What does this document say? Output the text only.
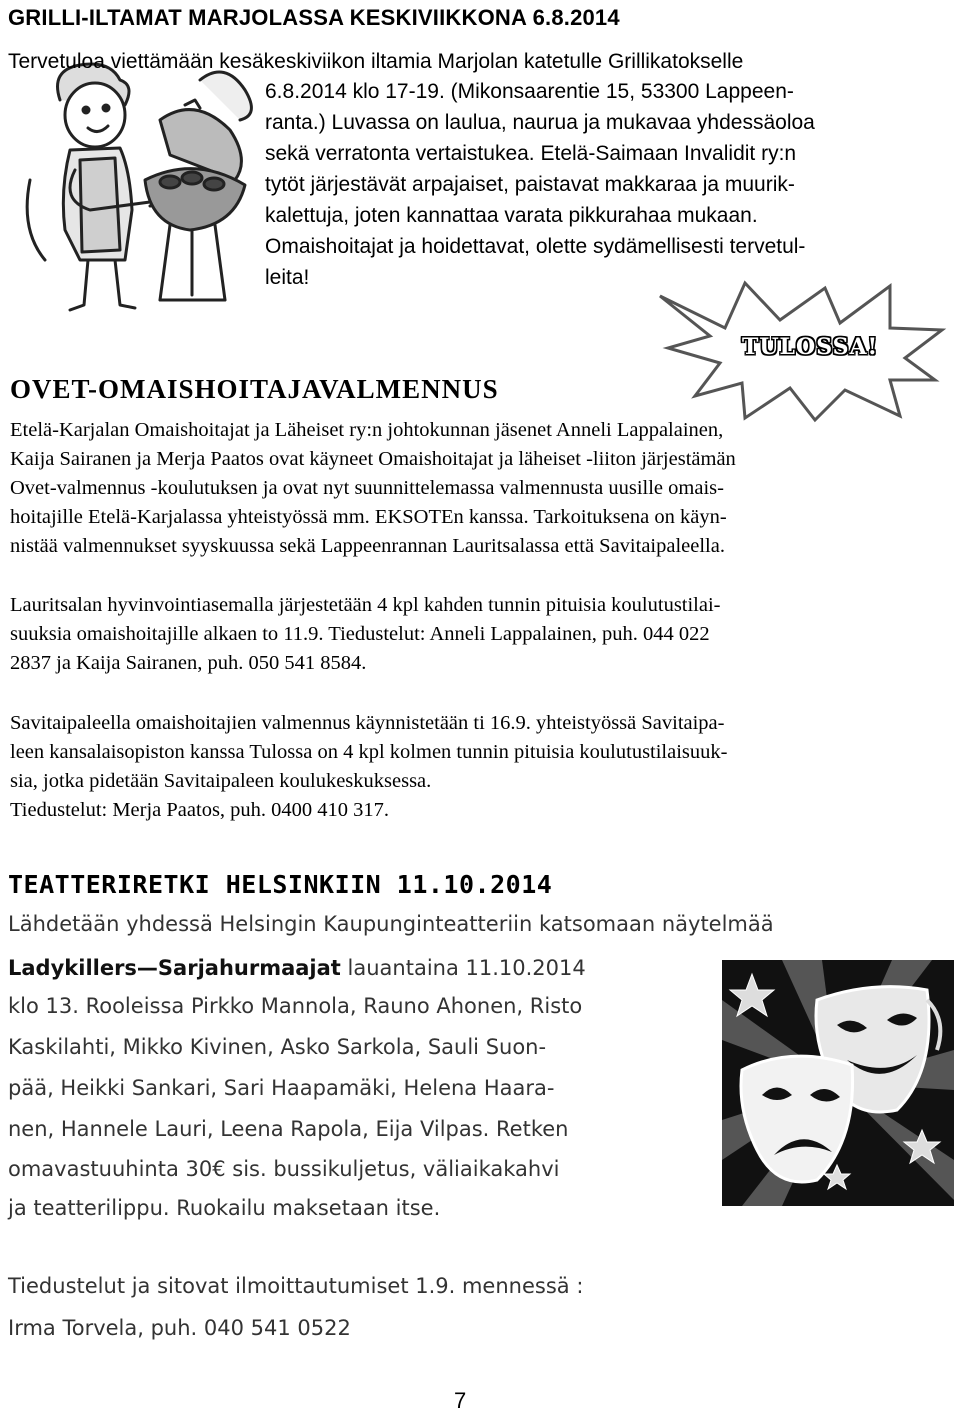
GRILLI-ILTAMAT MARJOLASSA KESKIVIIKKONA 6.8.2014
Tervetuloa viettämään kesäkeskiviikon iltamia Marjolan katetulle Grillikatokselle
6.8.2014 klo 17-19. (Mikonsaarentie 15, 53300 Lappeen-
ranta.) Luvassa on laulua, naurua ja mukavaa yhdessäoloa
sekä verratonta vertaistukea. Etelä-Saimaan Invalidit ry:n
tytöt järjestävät arpajaiset, paistavat makkaraa ja muurik-
kalettuja, joten kannattaa varata pikkurahaa mukaan.
Omaishoitajat ja hoidettavat, olette sydämellisesti tervetul-
leita!
TULOSSA!
OVET-OMAISHOITAJAVALMENNUS
Etelä-Karjalan Omaishoitajat ja Läheiset ry:n johtokunnan jäsenet Anneli Lappalainen,
Kaija Sairanen ja Merja Paatos ovat käyneet Omaishoitajat ja läheiset -liiton järjestämän
Ovet-valmennus -koulutuksen ja ovat nyt suunnittelemassa valmennusta uusille omais-
hoitajille Etelä-Karjalassa yhteistyössä mm. EKSOTEn kanssa. Tarkoituksena on käyn-
nistää valmennukset syyskuussa sekä Lappeenrannan Lauritsalassa että Savitaipaleella.
Lauritsalan hyvinvointiasemalla järjestetään 4 kpl kahden tunnin pituisia koulutustilai-
suuksia omaishoitajille alkaen to 11.9. Tiedustelut: Anneli Lappalainen, puh. 044 022
2837 ja Kaija Sairanen, puh. 050 541 8584.
Savitaipaleella omaishoitajien valmennus käynnistetään ti 16.9. yhteistyössä Savitaipa-
leen kansalaisopiston kanssa Tulossa on 4 kpl kolmen tunnin pituisia koulutustilaisuuk-
sia, jotka pidetään Savitaipaleen koulukeskuksessa.
Tiedustelut: Merja Paatos, puh. 0400 410 317.
TEATTERIRETKI HELSINKIIN 11.10.2014
Lähdetään yhdessä Helsingin Kaupunginteatteriin katsomaan näytelmää
Ladykillers—Sarjahurmaajat lauantaina 11.10.2014
klo 13. Rooleissa Pirkko Mannola, Rauno Ahonen, Risto
Kaskilahti, Mikko Kivinen, Asko Sarkola, Sauli Suon-
pää, Heikki Sankari, Sari Haapamäki, Helena Haara-
nen, Hannele Lauri, Leena Rapola, Eija Vilpas. Retken
omavastuuhinta 30€ sis. bussikuljetus, väliaikakahvi
ja teatterilippu. Ruokailu maksetaan itse.
Tiedustelut ja sitovat ilmoittautumiset 1.9. mennessä :
Irma Torvela, puh. 040 541 0522
7
